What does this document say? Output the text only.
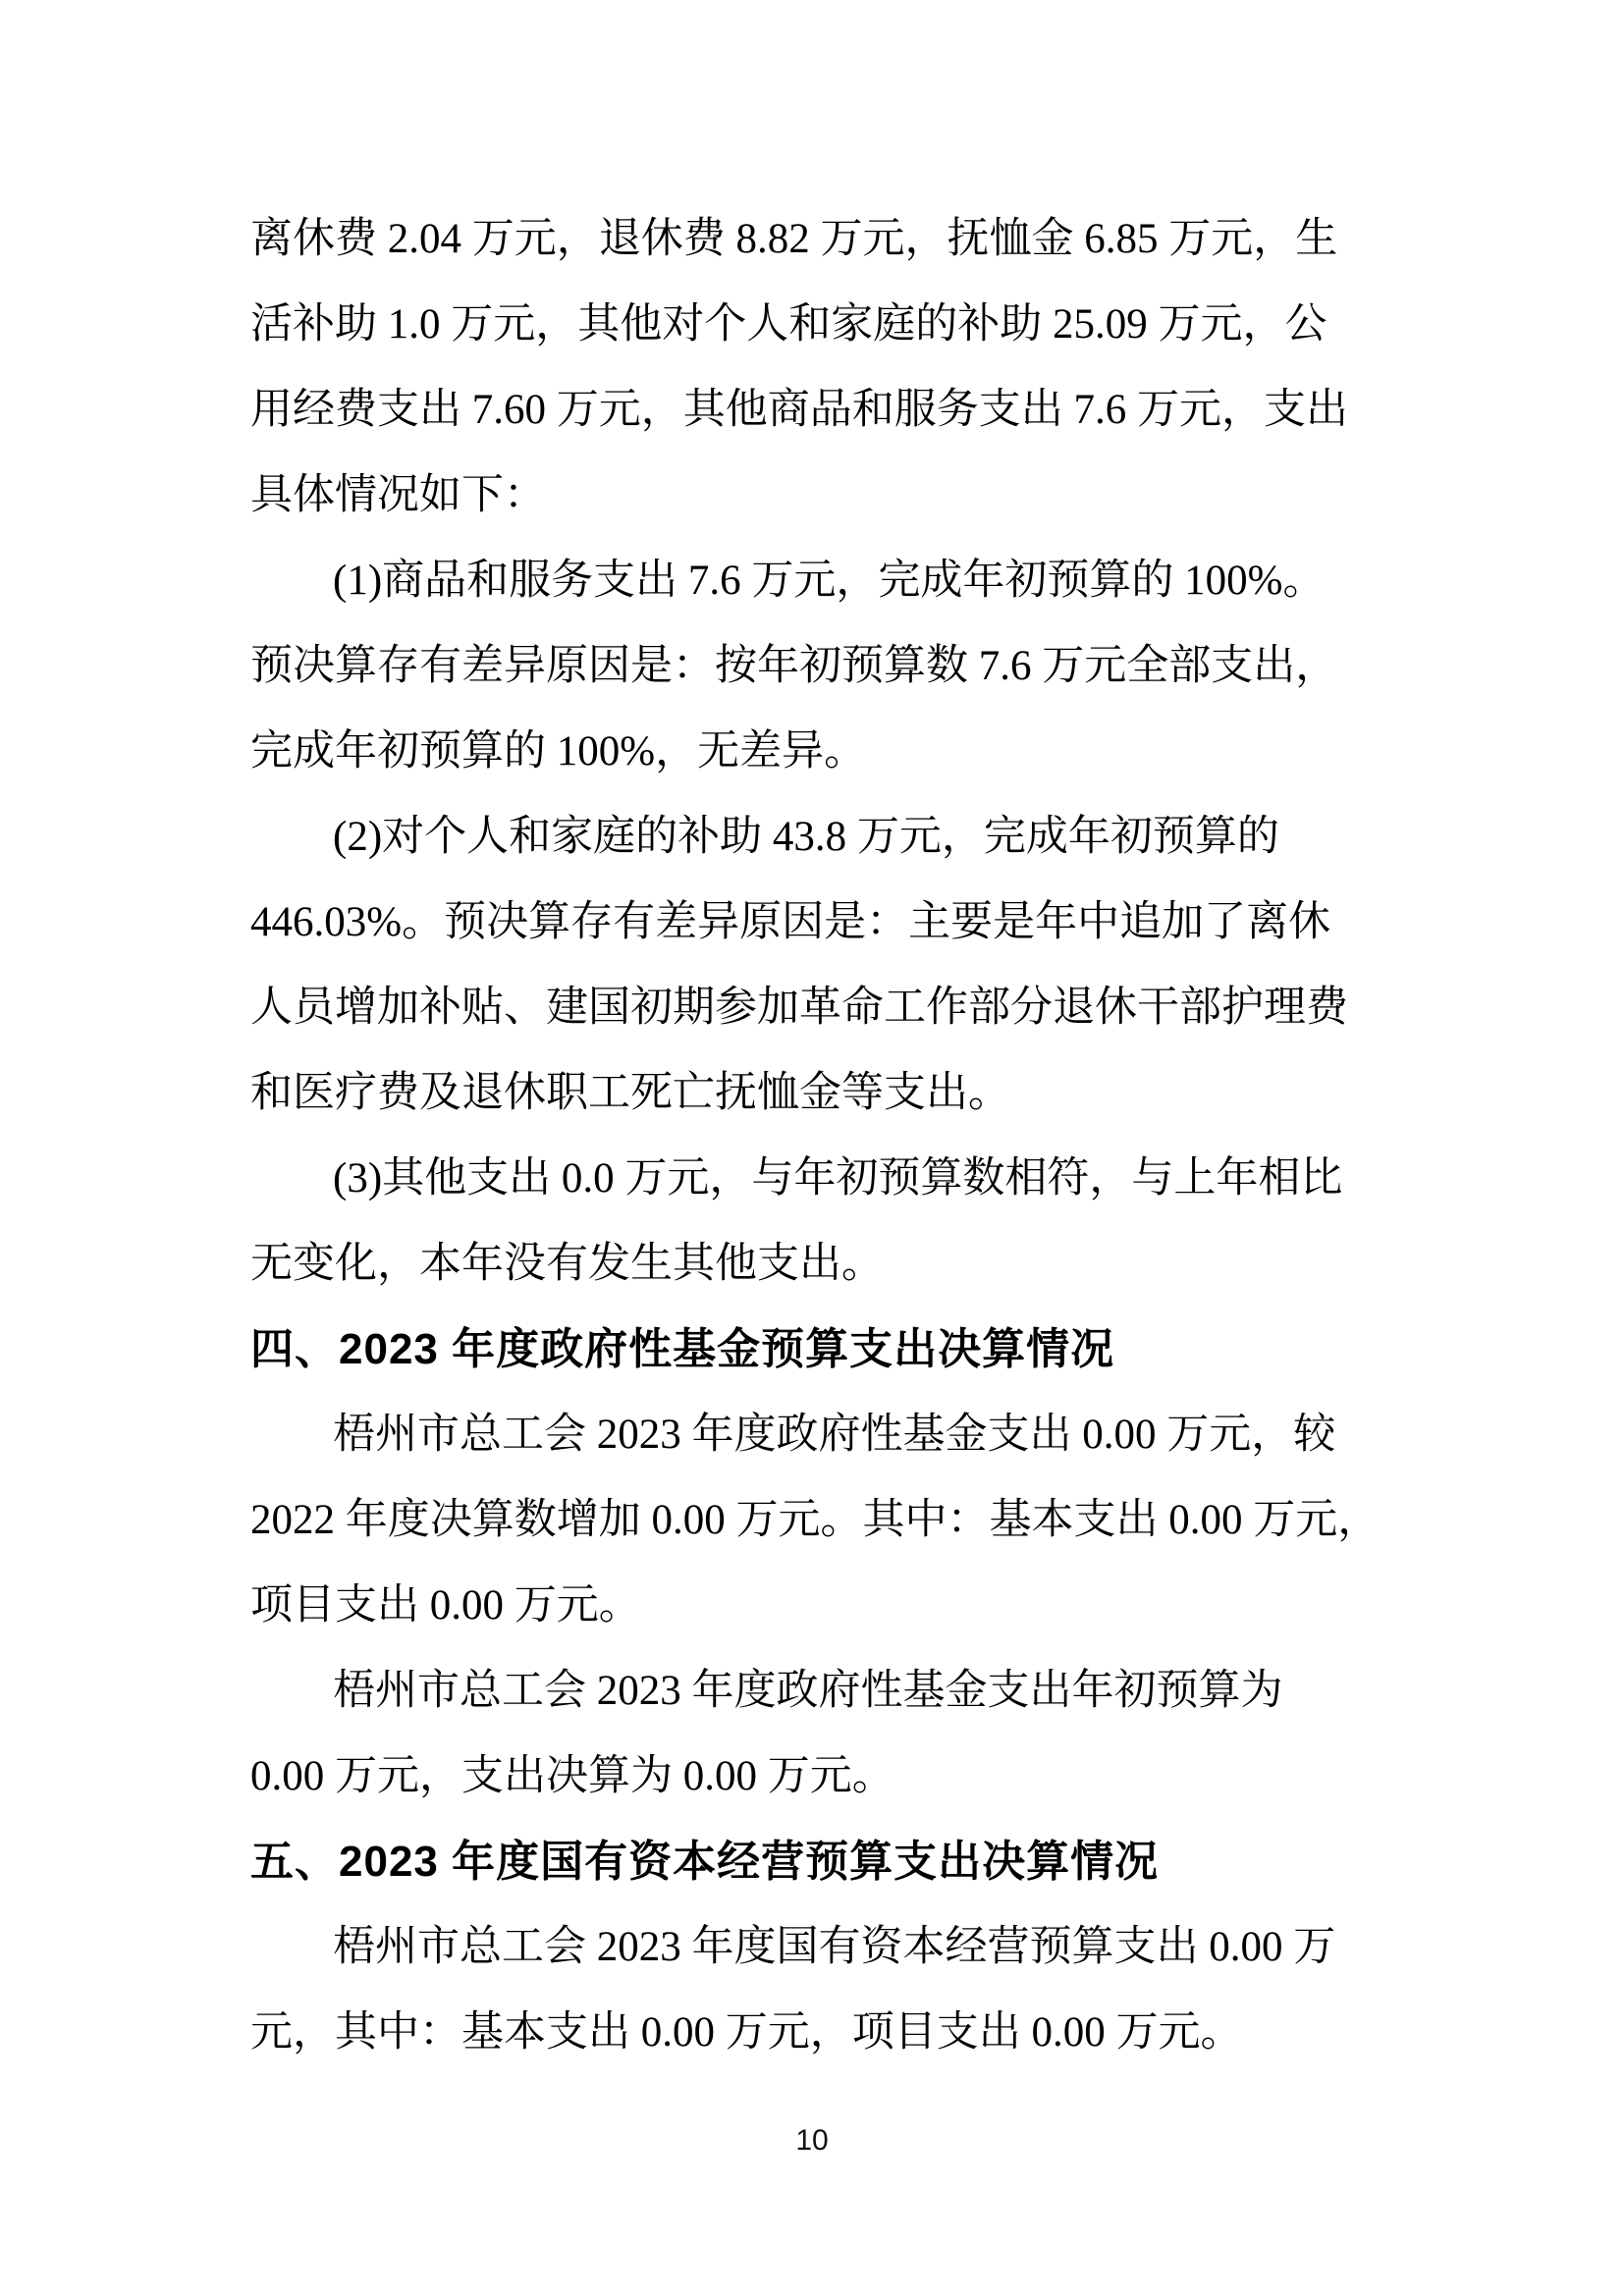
离休费 2.04 万元，退休费 8.82 万元，抚恤金 6.85 万元，生
活补助 1.0 万元，其他对个人和家庭的补助 25.09 万元，公
用经费支出 7.60 万元，其他商品和服务支出 7.6 万元，支出
具体情况如下：
(1)商品和服务支出 7.6 万元，完成年初预算的 100%。
预决算存有差异原因是：按年初预算数 7.6 万元全部支出，
完成年初预算的 100%，无差异。
(2)对个人和家庭的补助 43.8 万元，完成年初预算的
446.03%。预决算存有差异原因是：主要是年中追加了离休
人员增加补贴、建国初期参加革命工作部分退休干部护理费
和医疗费及退休职工死亡抚恤金等支出。
(3)其他支出 0.0 万元，与年初预算数相符，与上年相比
无变化，本年没有发生其他支出。
四、2023 年度政府性基金预算支出决算情况
梧州市总工会 2023 年度政府性基金支出 0.00 万元，较
2022 年度决算数增加 0.00 万元。其中：基本支出 0.00 万元，
项目支出 0.00 万元。
梧州市总工会 2023 年度政府性基金支出年初预算为
0.00 万元，支出决算为 0.00 万元。
五、2023 年度国有资本经营预算支出决算情况
梧州市总工会 2023 年度国有资本经营预算支出 0.00 万
元，其中：基本支出 0.00 万元，项目支出 0.00 万元。
10
